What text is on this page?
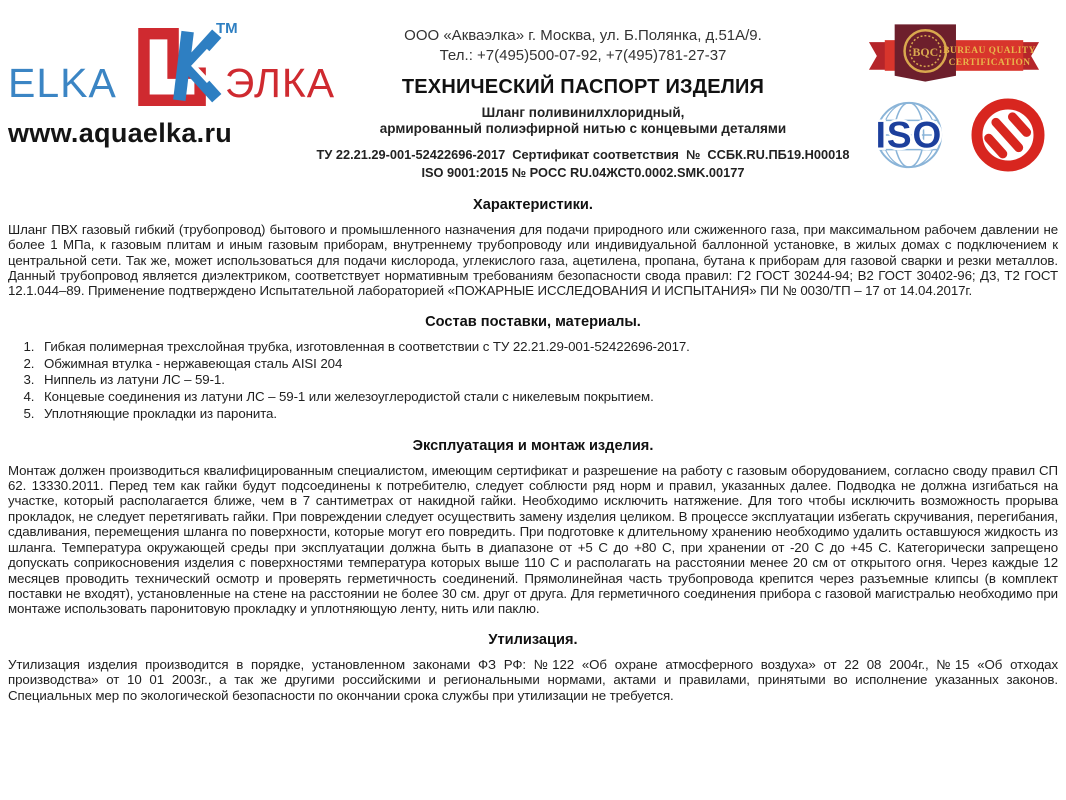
ELKA	ЭЛКА
ТМ
www.aquaelka.ru
ООО «Акваэлка» г. Москва, ул. Б.Полянка, д.51А/9.
Тел.: +7(495)500-07-92, +7(495)781-27-37
ТЕХНИЧЕСКИЙ ПАСПОРТ ИЗДЕЛИЯ
Шланг поливинилхлоридный,
армированный полиэфирной нитью с концевыми деталями
ТУ 22.21.29-001-52422696-2017  Сертификат соответствия  №  ССБК.RU.ПБ19.Н00018
ISO 9001:2015 № РОСС RU.04ЖСТ0.0002.SMK.00177
BQC BUREAU QUALITY
CERTIFICATION
ISO
Характеристики.

Шланг ПВХ газовый гибкий (трубопровод) бытового и промышленного назначения для подачи природного или сжиженного газа, при максимальном рабочем давлении не более 1 МПа, к газовым плитам и иным газовым приборам, внутреннему трубопроводу или индивидуальной баллонной установке, в жилых домах с подключением к центральной сети. Так же, может использоваться для подачи кислорода, углекислого газа, ацетилена, пропана, бутана к приборам для газовой сварки и резки металлов. Данный трубопровод является диэлектриком, соответствует нормативным требованиям безопасности свода правил: Г2 ГОСТ 30244-94; В2 ГОСТ 30402-96; Д3, Т2 ГОСТ 12.1.044–89. Применение подтверждено Испытательной лабораторией «ПОЖАРНЫЕ ИССЛЕДОВАНИЯ И ИСПЫТАНИЯ» ПИ № 0030/ТП – 17 от 14.04.2017г.

Состав поставки, материалы.
1. Гибкая полимерная трехслойная трубка, изготовленная в соответствии с ТУ 22.21.29-001-52422696-2017.
2. Обжимная втулка - нержавеющая сталь AISI 204
3. Ниппель из латуни ЛС – 59-1.
4. Концевые соединения из латуни ЛС – 59-1 или железоуглеродистой стали с никелевым покрытием.
5. Уплотняющие прокладки из паронита.
Эксплуатация и монтаж изделия.

Монтаж должен производиться квалифицированным специалистом, имеющим сертификат и разрешение на работу с газовым оборудованием, согласно своду правил СП 62. 13330.2011. Перед тем как гайки будут подсоединены к потребителю, следует соблюсти ряд норм и правил, указанных далее. Подводка не должна изгибаться на участке, который располагается ближе, чем в 7 сантиметрах от накидной гайки. Необходимо исключить натяжение. Для того чтобы исключить возможность прорыва прокладок, не следует перетягивать гайки. При повреждении следует осуществить замену изделия целиком. В процессе эксплуатации избегать скручивания, перегибания, сдавливания, перемещения шланга по поверхности, которые могут его повредить. При подготовке к длительному хранению необходимо удалить оставшуюся жидкость из шланга. Температура окружающей среды при эксплуатации должна быть в диапазоне от +5 С до +80 С, при хранении от -20 С до +45 С. Категорически запрещено допускать соприкосновения изделия с поверхностями температура которых выше 110 С и располагать на расстоянии менее 20 см от открытого огня. Через каждые 12 месяцев проводить технический осмотр и проверять герметичность соединений. Прямолинейная часть трубопровода крепится через разъемные клипсы (в комплект поставки не входят), установленные на стене на расстоянии не более 30 см. друг от друга. Для герметичного соединения прибора с газовой магистралью необходимо при монтаже использовать паронитовую прокладку и уплотняющую ленту, нить или паклю.

Утилизация.

Утилизация изделия производится в порядке, установленном законами ФЗ РФ: №122 «Об охране атмосферного воздуха» от 22 08 2004г., №15 «Об отходах производства» от 10 01 2003г., а так же другими российскими и региональными нормами, актами и правилами, принятыми во исполнение указанных законов. Специальных мер по экологической безопасности по окончании срока службы при утилизации не требуется.
